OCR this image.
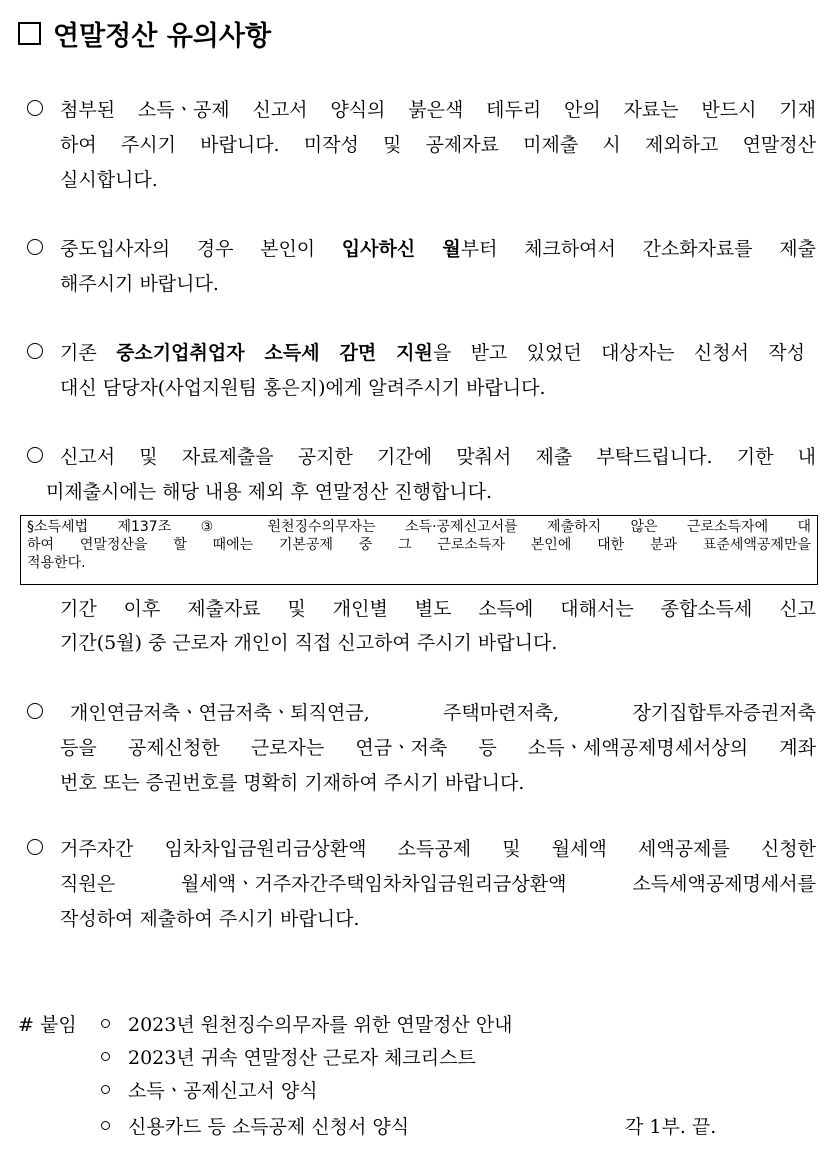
연말정산 유의사항
첨부된 소득ㆍ공제 신고서 양식의 붉은색 테두리 안의 자료는 반드시 기재
하여 주시기 바랍니다. 미작성 및 공제자료 미제출 시 제외하고 연말정산
실시합니다.
중도입사자의 경우 본인이 입사하신 월부터 체크하여서 간소화자료를 제출
해주시기 바랍니다.
기존 중소기업취업자 소득세 감면 지원을 받고 있었던 대상자는 신청서 작성
대신 담당자(사업지원팀 홍은지)에게 알려주시기 바랍니다.
신고서 및 자료제출을 공지한 기간에 맞춰서 제출 부탁드립니다. 기한 내
미제출시에는 해당 내용 제외 후 연말정산 진행합니다.
§소득세법 제137조 ③ 원천징수의무자는 소득·공제신고서를 제출하지 않은 근로소득자에 대
하여 연말정산을 할 때에는 기본공제 중 그 근로소득자 본인에 대한 분과 표준세액공제만을
적용한다.
기간 이후 제출자료 및 개인별 별도 소득에 대해서는 종합소득세 신고
기간(5월) 중 근로자 개인이 직접 신고하여 주시기 바랍니다.
개인연금저축ㆍ연금저축ㆍ퇴직연금, 주택마련저축, 장기집합투자증권저축
등을 공제신청한 근로자는 연금ㆍ저축 등 소득ㆍ세액공제명세서상의 계좌
번호 또는 증권번호를 명확히 기재하여 주시기 바랍니다.
거주자간 임차차입금원리금상환액 소득공제 및 월세액 세액공제를 신청한
직원은 월세액ㆍ거주자간주택임차차입금원리금상환액 소득세액공제명세서를
작성하여 제출하여 주시기 바랍니다.
# 붙임	2023년 원천징수의무자를 위한 연말정산 안내
2023년 귀속 연말정산 근로자 체크리스트
소득ㆍ공제신고서 양식
신용카드 등 소득공제 신청서 양식	각 1부. 끝.
